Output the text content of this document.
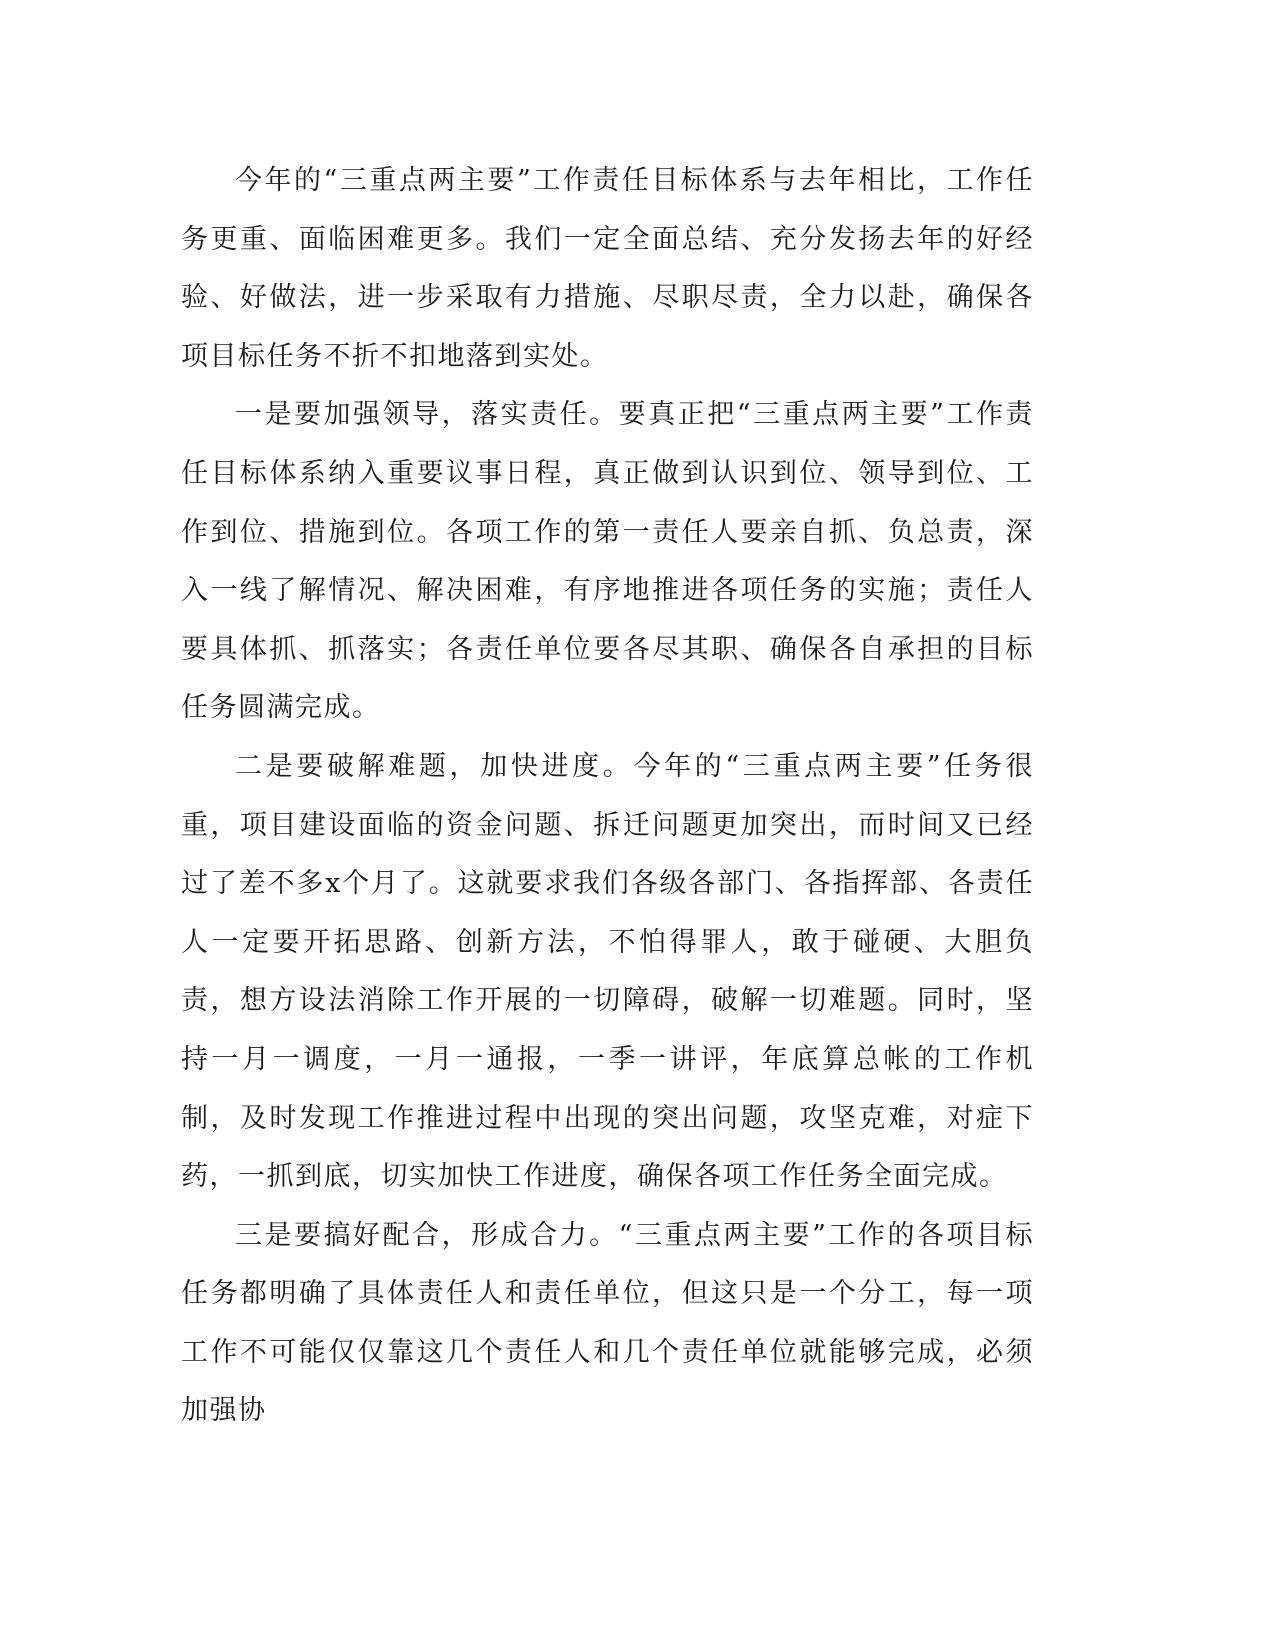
今年的“三重点两主要”工作责任目标体系与去年相比，工作任务更重、面临困难更多。我们一定全面总结、充分发扬去年的好经验、好做法，进一步采取有力措施、尽职尽责，全力以赴，确保各项目标任务不折不扣地落到实处。

一是要加强领导，落实责任。要真正把“三重点两主要”工作责任目标体系纳入重要议事日程，真正做到认识到位、领导到位、工作到位、措施到位。各项工作的第一责任人要亲自抓、负总责，深入一线了解情况、解决困难，有序地推进各项任务的实施；责任人要具体抓、抓落实；各责任单位要各尽其职、确保各自承担的目标任务圆满完成。

二是要破解难题，加快进度。今年的“三重点两主要”任务很重，项目建设面临的资金问题、拆迁问题更加突出，而时间又已经过了差不多x个月了。这就要求我们各级各部门、各指挥部、各责任人一定要开拓思路、创新方法，不怕得罪人，敢于碰硬、大胆负责，想方设法消除工作开展的一切障碍，破解一切难题。同时，坚持一月一调度，一月一通报，一季一讲评，年底算总帐的工作机制，及时发现工作推进过程中出现的突出问题，攻坚克难，对症下药，一抓到底，切实加快工作进度，确保各项工作任务全面完成。

三是要搞好配合，形成合力。“三重点两主要”工作的各项目标任务都明确了具体责任人和责任单位，但这只是一个分工，每一项工作不可能仅仅靠这几个责任人和几个责任单位就能够完成，必须加强协
